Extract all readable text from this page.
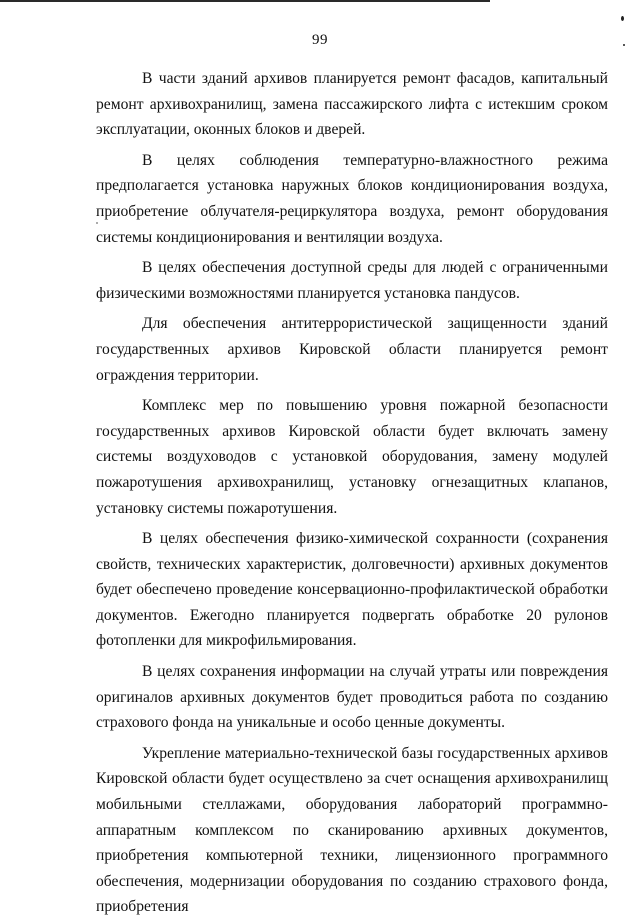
99

В части зданий архивов планируется ремонт фасадов, капитальный ремонт архивохранилищ, замена пассажирского лифта с истекшим сроком эксплуатации, оконных блоков и дверей.

В целях соблюдения температурно-влажностного режима предполагается установка наружных блоков кондиционирования воздуха, приобретение облучателя-рециркулятора воздуха, ремонт оборудования системы кондиционирования и вентиляции воздуха.

В целях обеспечения доступной среды для людей с ограниченными физическими возможностями планируется установка пандусов.

Для обеспечения антитеррористической защищенности зданий государственных архивов Кировской области планируется ремонт ограждения территории.

Комплекс мер по повышению уровня пожарной безопасности государственных архивов Кировской области будет включать замену системы воздуховодов с установкой оборудования, замену модулей пожаротушения архивохранилищ, установку огнезащитных клапанов, установку системы пожаротушения.

В целях обеспечения физико-химической сохранности (сохранения свойств, технических характеристик, долговечности) архивных документов будет обеспечено проведение консервационно-профилактической обработки документов. Ежегодно планируется подвергать обработке 20 рулонов фотопленки для микрофильмирования.

В целях сохранения информации на случай утраты или повреждения оригиналов архивных документов будет проводиться работа по созданию страхового фонда на уникальные и особо ценные документы.

Укрепление материально-технической базы государственных архивов Кировской области будет осуществлено за счет оснащения архивохранилищ мобильными стеллажами, оборудования лабораторий программно-аппаратным комплексом по сканированию архивных документов, приобретения компьютерной техники, лицензионного программного обеспечения, модернизации оборудования по созданию страхового фонда, приобретения
